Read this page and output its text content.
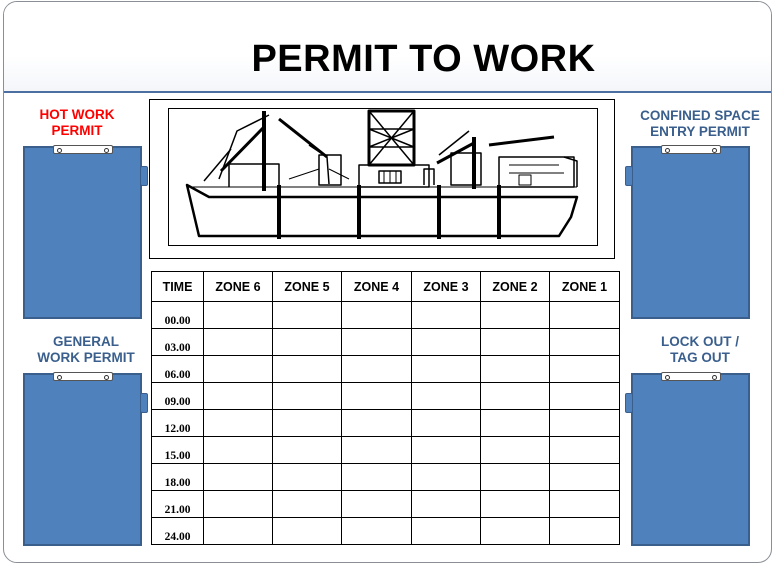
PERMIT TO WORK
HOT WORK
PERMIT
GENERAL
WORK PERMIT
CONFINED SPACE
ENTRY PERMIT
LOCK OUT /
TAG OUT
TIME	ZONE 6	ZONE 5	ZONE 4	ZONE 3	ZONE 2	ZONE 1
00.00						
03.00						
06.00						
09.00						
12.00						
15.00						
18.00						
21.00						
24.00						
